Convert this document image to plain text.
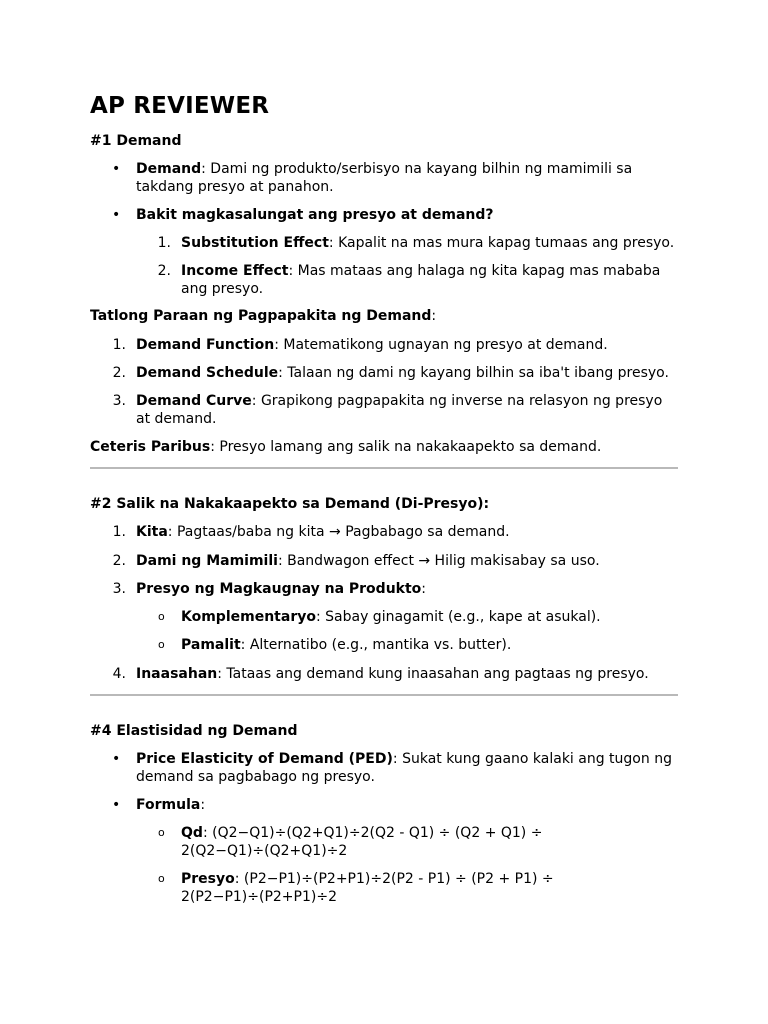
AP REVIEWER

#1 Demand

•	Demand: Dami ng produkto/serbisyo na kayang bilhin ng mamimili sa takdang presyo at panahon.
•	Bakit magkasalungat ang presyo at demand?
1. Substitution Effect: Kapalit na mas mura kapag tumaas ang presyo.
2. Income Effect: Mas mataas ang halaga ng kita kapag mas mababa ang presyo.

Tatlong Paraan ng Pagpapakita ng Demand:

1. Demand Function: Matematikong ugnayan ng presyo at demand.
2. Demand Schedule: Talaan ng dami ng kayang bilhin sa iba't ibang presyo.
3. Demand Curve: Grapikong pagpapakita ng inverse na relasyon ng presyo at demand.

Ceteris Paribus: Presyo lamang ang salik na nakakaapekto sa demand.

#2 Salik na Nakakaapekto sa Demand (Di-Presyo):

1. Kita: Pagtaas/baba ng kita → Pagbabago sa demand.
2. Dami ng Mamimili: Bandwagon effect → Hilig makisabay sa uso.
3. Presyo ng Magkaugnay na Produkto:
o	Komplementaryo: Sabay ginagamit (e.g., kape at asukal).
o	Pamalit: Alternatibo (e.g., mantika vs. butter).
4. Inaasahan: Tataas ang demand kung inaasahan ang pagtaas ng presyo.

#4 Elastisidad ng Demand

•	Price Elasticity of Demand (PED): Sukat kung gaano kalaki ang tugon ng demand sa pagbabago ng presyo.
•	Formula:
o	Qd: (Q2−Q1)÷(Q2+Q1)÷2(Q2 - Q1) ÷ (Q2 + Q1) ÷ 2(Q2−Q1)÷(Q2+Q1)÷2
o	Presyo: (P2−P1)÷(P2+P1)÷2(P2 - P1) ÷ (P2 + P1) ÷ 2(P2−P1)÷(P2+P1)÷2
